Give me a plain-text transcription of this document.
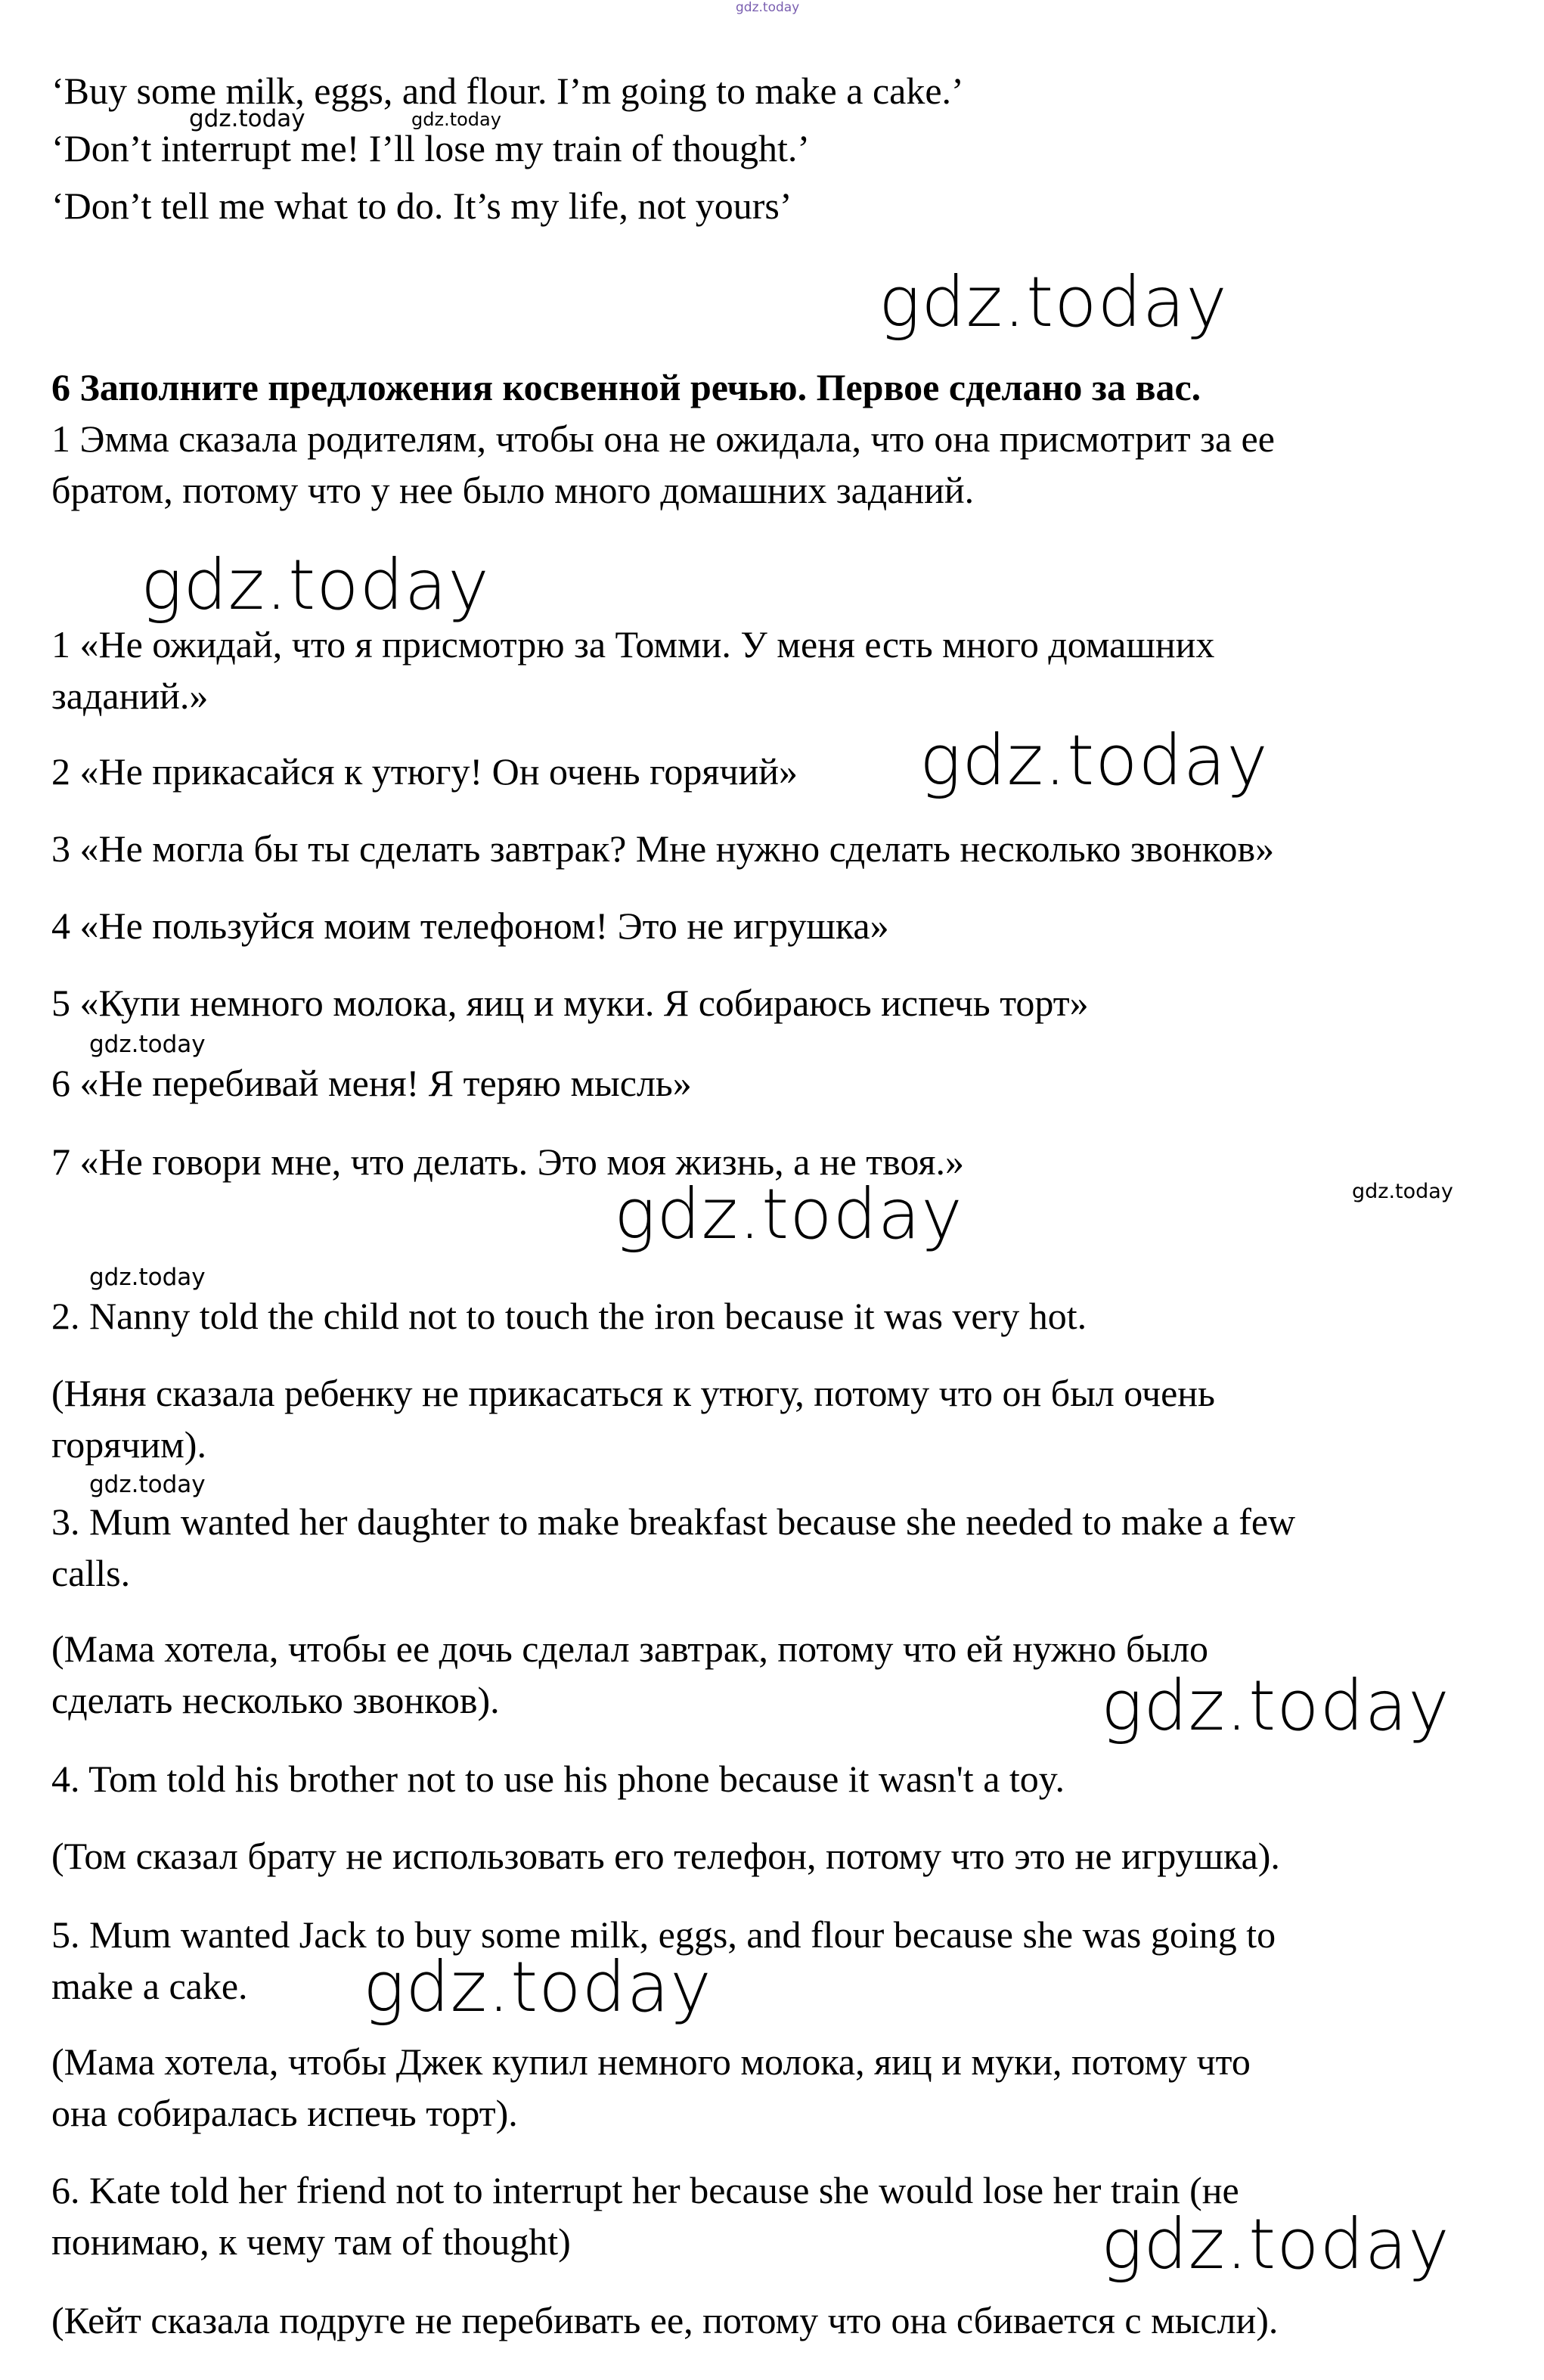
gdz.today
‘Buy some milk, eggs, and flour. I’m going to make a cake.’
‘Don’t interrupt me! I’ll lose my train of thought.’
‘Don’t tell me what to do. It’s my life, not yours’
6 Заполните предложения косвенной речью. Первое сделано за вас.
1 Эмма сказала родителям, чтобы она не ожидала, что она присмотрит за ее
братом, потому что у нее было много домашних заданий.
1 «Не ожидай, что я присмотрю за Томми. У меня есть много домашних
заданий.»
2 «Не прикасайся к утюгу! Он очень горячий»
3 «Не могла бы ты сделать завтрак? Мне нужно сделать несколько звонков»
4 «Не пользуйся моим телефоном! Это не игрушка»
5 «Купи немного молока, яиц и муки. Я собираюсь испечь торт»
6 «Не перебивай меня! Я теряю мысль»
7 «Не говори мне, что делать. Это моя жизнь, а не твоя.»
2. Nanny told the child not to touch the iron because it was very hot.
(Няня сказала ребенку не прикасаться к утюгу, потому что он был очень
горячим).
3. Mum wanted her daughter to make breakfast because she needed to make a few
calls.
(Мама хотела, чтобы ее дочь сделал завтрак, потому что ей нужно было
сделать несколько звонков).
4. Tom told his brother not to use his phone because it wasn't a toy.
(Том сказал брату не использовать его телефон, потому что это не игрушка).
5. Mum wanted Jack to buy some milk, eggs, and flour because she was going to
make a cake.
(Мама хотела, чтобы Джек купил немного молока, яиц и муки, потому что
она собиралась испечь торт).
6. Kate told her friend not to interrupt her because she would lose her train (не
понимаю, к чему там of thought)
(Кейт сказала подруге не перебивать ее, потому что она сбивается с мысли).
gdz.today	gdz.today
gdz.today
gdz.today
gdz.today
gdz.today
gdz.today	gdz.today
gdz.today
gdz.today
gdz.today
gdz.today
gdz.today
